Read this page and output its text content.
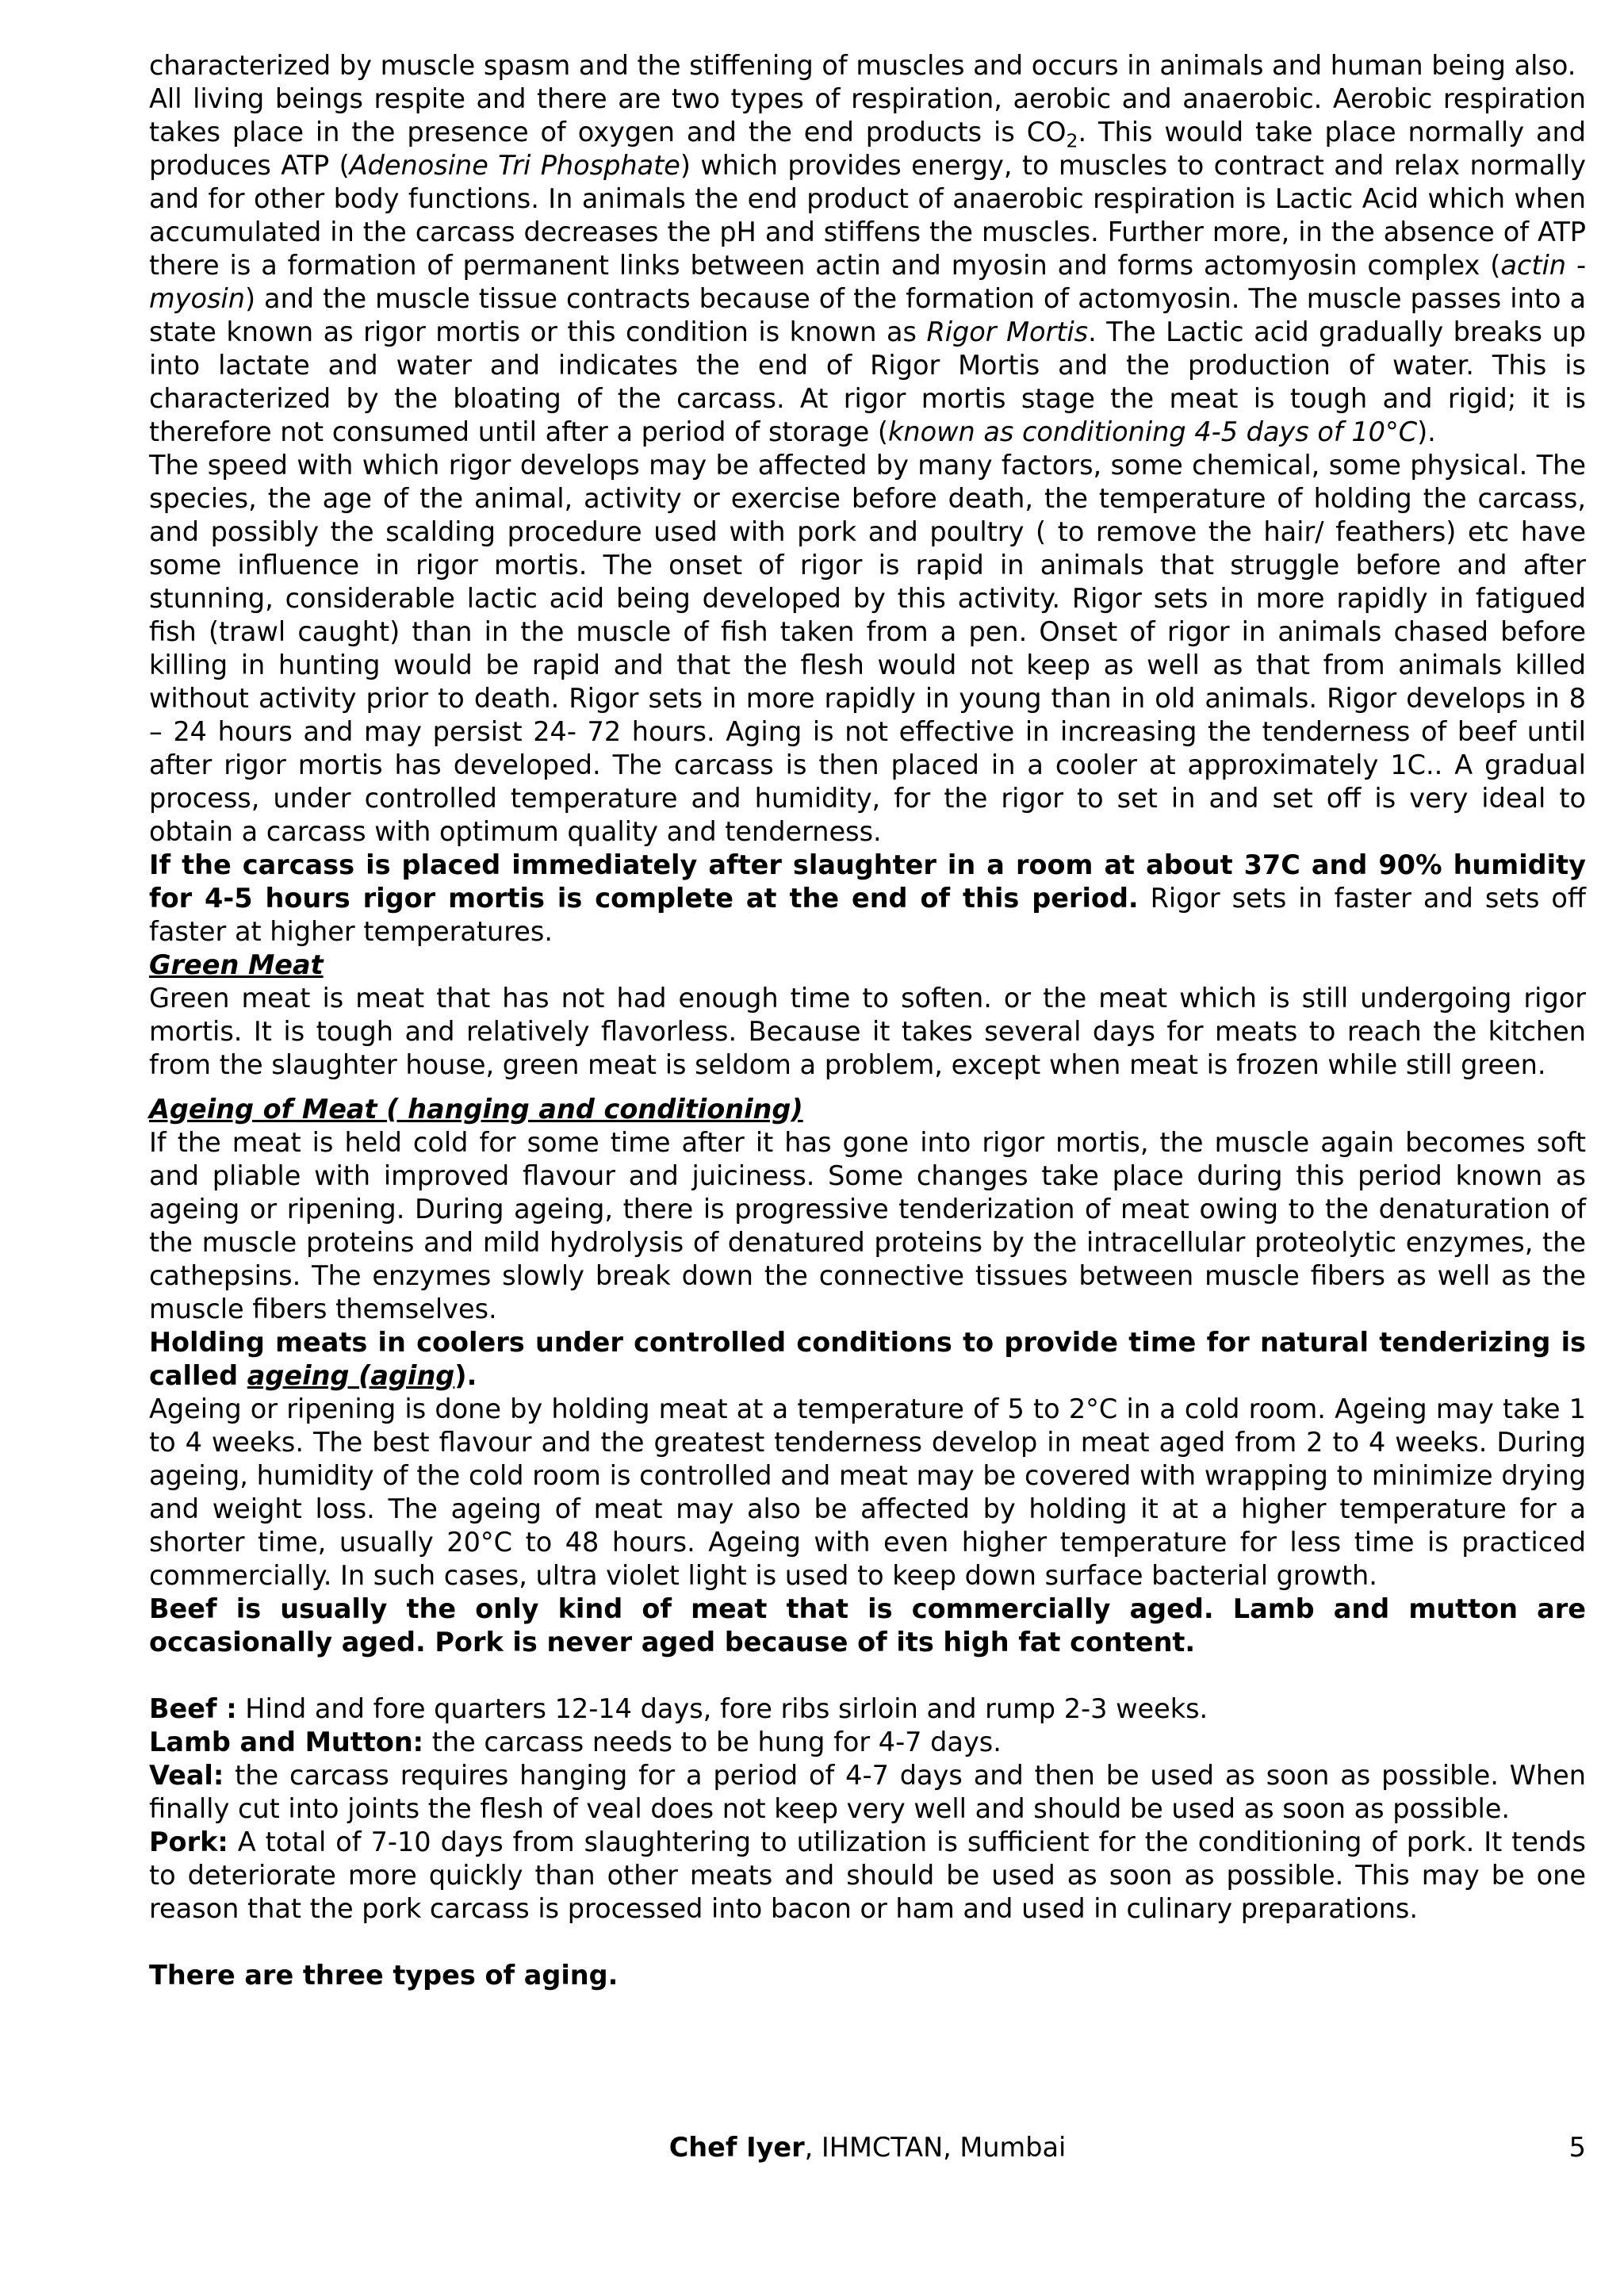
characterized by muscle spasm and the stiffening of muscles and occurs in animals and human being also.

All living beings respite and there are two types of respiration, aerobic and anaerobic. Aerobic respiration takes place in the presence of oxygen and the end products is $CO_2$. This would take place normally and produces ATP (Adenosine Tri Phosphate) which provides energy, to muscles to contract and relax normally and for other body functions. In animals the end product of anaerobic respiration is Lactic Acid which when accumulated in the carcass decreases the pH and stiffens the muscles. Further more, in the absence of ATP there is a formation of permanent links between actin and myosin and forms actomyosin complex (actin - myosin) and the muscle tissue contracts because of the formation of actomyosin. The muscle passes into a state known as rigor mortis or this condition is known as Rigor Mortis. The Lactic acid gradually breaks up into lactate and water and indicates the end of Rigor Mortis and the production of water. This is characterized by the bloating of the carcass. At rigor mortis stage the meat is tough and rigid; it is therefore not consumed until after a period of storage (known as conditioning 4-5 days of 10°C).

The speed with which rigor develops may be affected by many factors, some chemical, some physical. The species, the age of the animal, activity or exercise before death, the temperature of holding the carcass, and possibly the scalding procedure used with pork and poultry ( to remove the hair/ feathers) etc have some influence in rigor mortis. The onset of rigor is rapid in animals that struggle before and after stunning, considerable lactic acid being developed by this activity. Rigor sets in more rapidly in fatigued fish (trawl caught) than in the muscle of fish taken from a pen. Onset of rigor in animals chased before killing in hunting would be rapid and that the flesh would not keep as well as that from animals killed without activity prior to death. Rigor sets in more rapidly in young than in old animals. Rigor develops in 8 – 24 hours and may persist 24- 72 hours. Aging is not effective in increasing the tenderness of beef until after rigor mortis has developed. The carcass is then placed in a cooler at approximately 1C.. A gradual process, under controlled temperature and humidity, for the rigor to set in and set off is very ideal to obtain a carcass with optimum quality and tenderness.

If the carcass is placed immediately after slaughter in a room at about 37C and 90% humidity for 4-5 hours rigor mortis is complete at the end of this period. Rigor sets in faster and sets off faster at higher temperatures.

Green Meat

Green meat is meat that has not had enough time to soften. or the meat which is still undergoing rigor mortis. It is tough and relatively flavorless. Because it takes several days for meats to reach the kitchen from the slaughter house, green meat is seldom a problem, except when meat is frozen while still green.

Ageing of Meat ( hanging and conditioning)

If the meat is held cold for some time after it has gone into rigor mortis, the muscle again becomes soft and pliable with improved flavour and juiciness. Some changes take place during this period known as ageing or ripening. During ageing, there is progressive tenderization of meat owing to the denaturation of the muscle proteins and mild hydrolysis of denatured proteins by the intracellular proteolytic enzymes, the cathepsins. The enzymes slowly break down the connective tissues between muscle fibers as well as the muscle fibers themselves.

Holding meats in coolers under controlled conditions to provide time for natural tenderizing is called ageing (aging).

Ageing or ripening is done by holding meat at a temperature of 5 to 2°C in a cold room. Ageing may take 1 to 4 weeks. The best flavour and the greatest tenderness develop in meat aged from 2 to 4 weeks. During ageing, humidity of the cold room is controlled and meat may be covered with wrapping to minimize drying and weight loss. The ageing of meat may also be affected by holding it at a higher temperature for a shorter time, usually 20°C to 48 hours. Ageing with even higher temperature for less time is practiced commercially. In such cases, ultra violet light is used to keep down surface bacterial growth.

Beef is usually the only kind of meat that is commercially aged. Lamb and mutton are occasionally aged. Pork is never aged because of its high fat content.

Beef : Hind and fore quarters 12-14 days, fore ribs sirloin and rump 2-3 weeks.

Lamb and Mutton: the carcass needs to be hung for 4-7 days.

Veal: the carcass requires hanging for a period of 4-7 days and then be used as soon as possible. When finally cut into joints the flesh of veal does not keep very well and should be used as soon as possible.

Pork: A total of 7-10 days from slaughtering to utilization is sufficient for the conditioning of pork. It tends to deteriorate more quickly than other meats and should be used as soon as possible. This may be one reason that the pork carcass is processed into bacon or ham and used in culinary preparations.

There are three types of aging.

Chef Iyer, IHMCTAN, Mumbai	5
